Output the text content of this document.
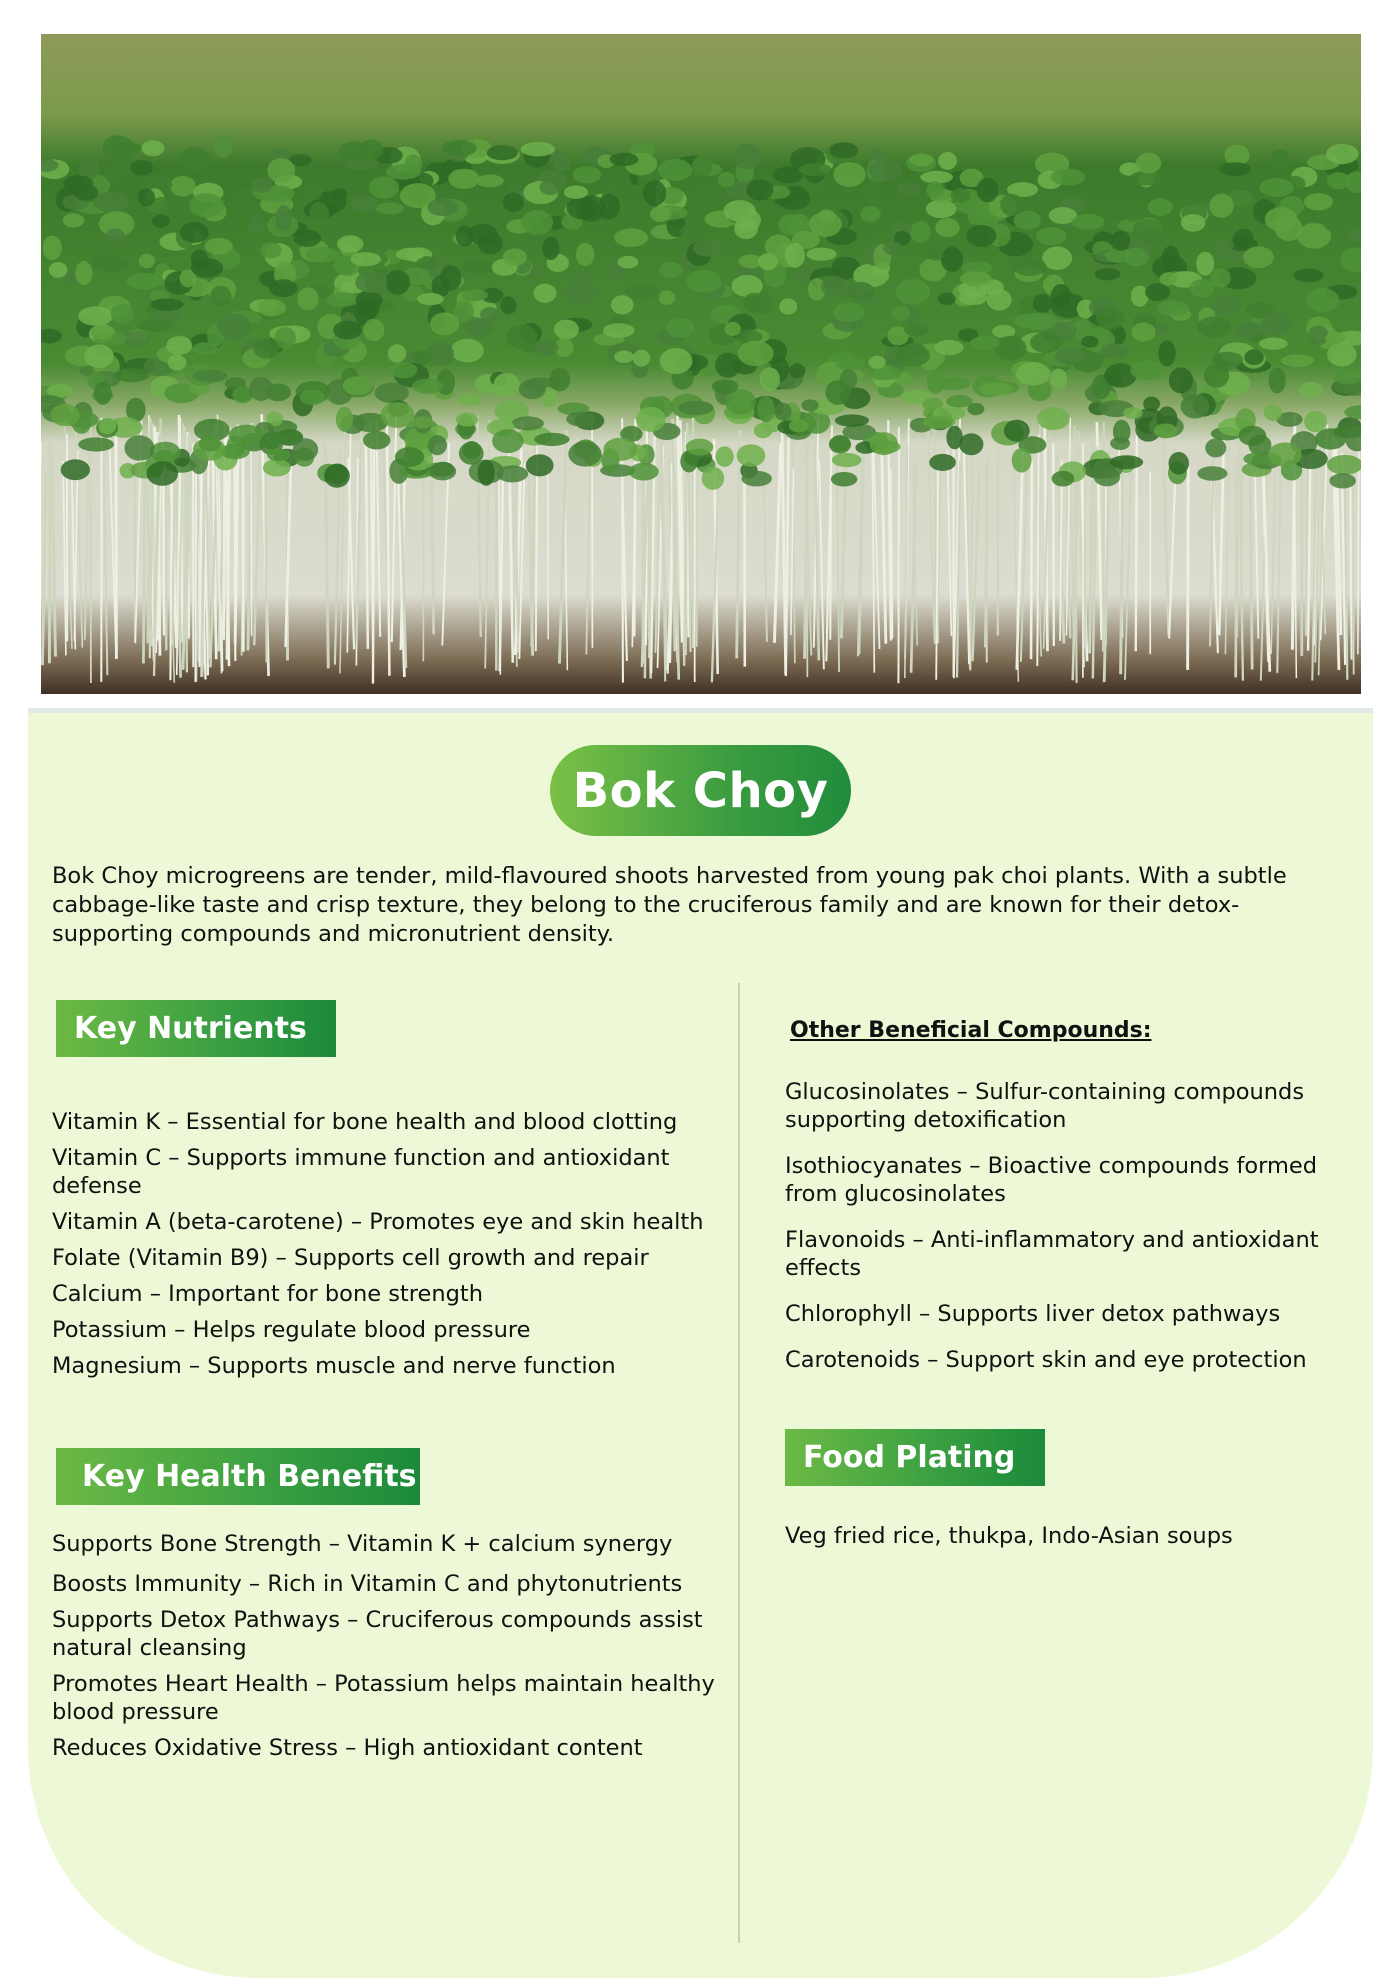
Bok Choy
Bok Choy microgreens are tender, mild-flavoured shoots harvested from young pak choi plants. With a subtle cabbage-like taste and crisp texture, they belong to the cruciferous family and are known for their detox-supporting compounds and micronutrient density.
Key Nutrients
Vitamin K – Essential for bone health and blood clotting
Vitamin C – Supports immune function and antioxidant defense
Vitamin A (beta-carotene) – Promotes eye and skin health
Folate (Vitamin B9) – Supports cell growth and repair
Calcium – Important for bone strength
Potassium – Helps regulate blood pressure
Magnesium – Supports muscle and nerve function
Key Health Benefits
Supports Bone Strength – Vitamin K + calcium synergy
Boosts Immunity – Rich in Vitamin C and phytonutrients
Supports Detox Pathways – Cruciferous compounds assist natural cleansing
Promotes Heart Health – Potassium helps maintain healthy blood pressure
Reduces Oxidative Stress – High antioxidant content
Other Beneficial Compounds:
Glucosinolates – Sulfur-containing compounds supporting detoxification
Isothiocyanates – Bioactive compounds formed from glucosinolates
Flavonoids – Anti-inflammatory and antioxidant effects
Chlorophyll – Supports liver detox pathways
Carotenoids – Support skin and eye protection
Food Plating
Veg fried rice, thukpa, Indo-Asian soups
